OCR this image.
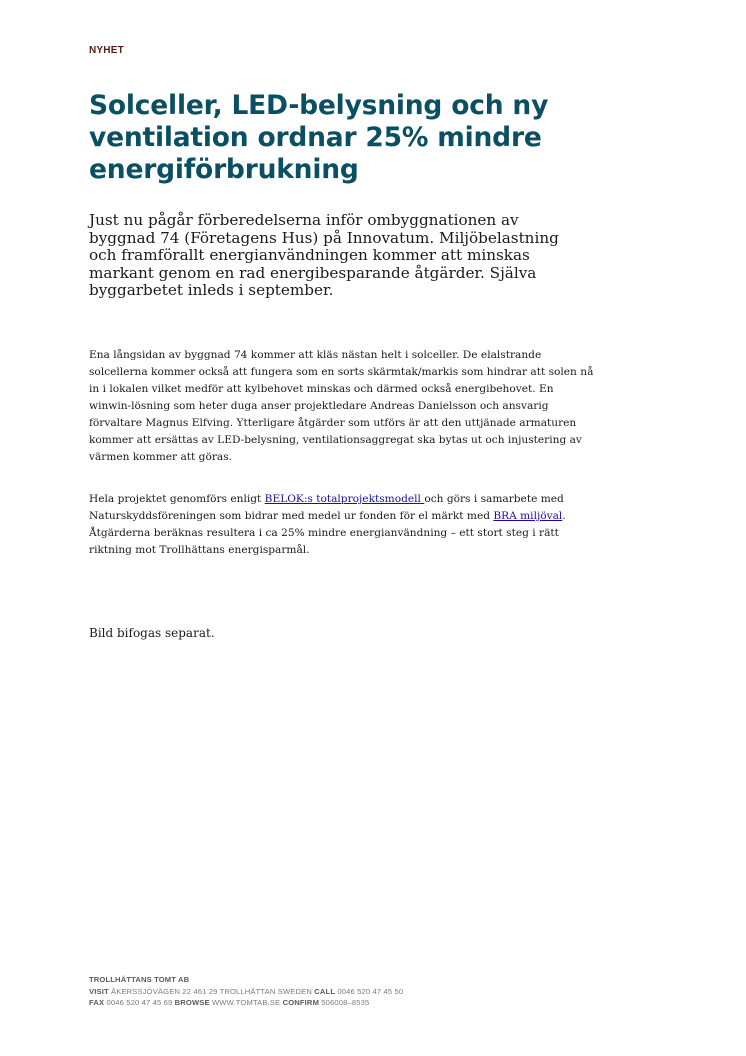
NYHET
Solceller, LED-belysning och ny ventilation ordnar 25% mindre energiförbrukning

Just nu pågår förberedelserna inför ombyggnationen av byggnad 74 (Företagens Hus) på Innovatum. Miljöbelastning och framförallt energianvändningen kommer att minskas markant genom en rad energibesparande åtgärder. Själva byggarbetet inleds i september.

Ena långsidan av byggnad 74 kommer att kläs nästan helt i solceller. De elalstrande solcellerna kommer också att fungera som en sorts skärmtak/markis som hindrar att solen nå in i lokalen vilket medför att kylbehovet minskas och därmed också energibehovet. En winwin-lösning som heter duga anser projektledare Andreas Danielsson och ansvarig förvaltare Magnus Elfving. Ytterligare åtgärder som utförs är att den uttjänade armaturen kommer att ersättas av LED-belysning, ventilationsaggregat ska bytas ut och injustering av värmen kommer att göras.

Hela projektet genomförs enligt BELOK:s totalprojektsmodell och görs i samarbete med Naturskyddsföreningen som bidrar med medel ur fonden för el märkt med BRA miljöval. Åtgärderna beräknas resultera i ca 25% mindre energianvändning – ett stort steg i rätt riktning mot Trollhättans energisparmål.

Bild bifogas separat.

TROLLHÄTTANS TOMT AB
VISIT ÅKERSSJÖVÄGEN 22 461 29 TROLLHÄTTAN SWEDEN CALL 0046 520 47 45 50
FAX 0046 520 47 45 69 BROWSE WWW.TOMTAB.SE CONFIRM 506008–8535
